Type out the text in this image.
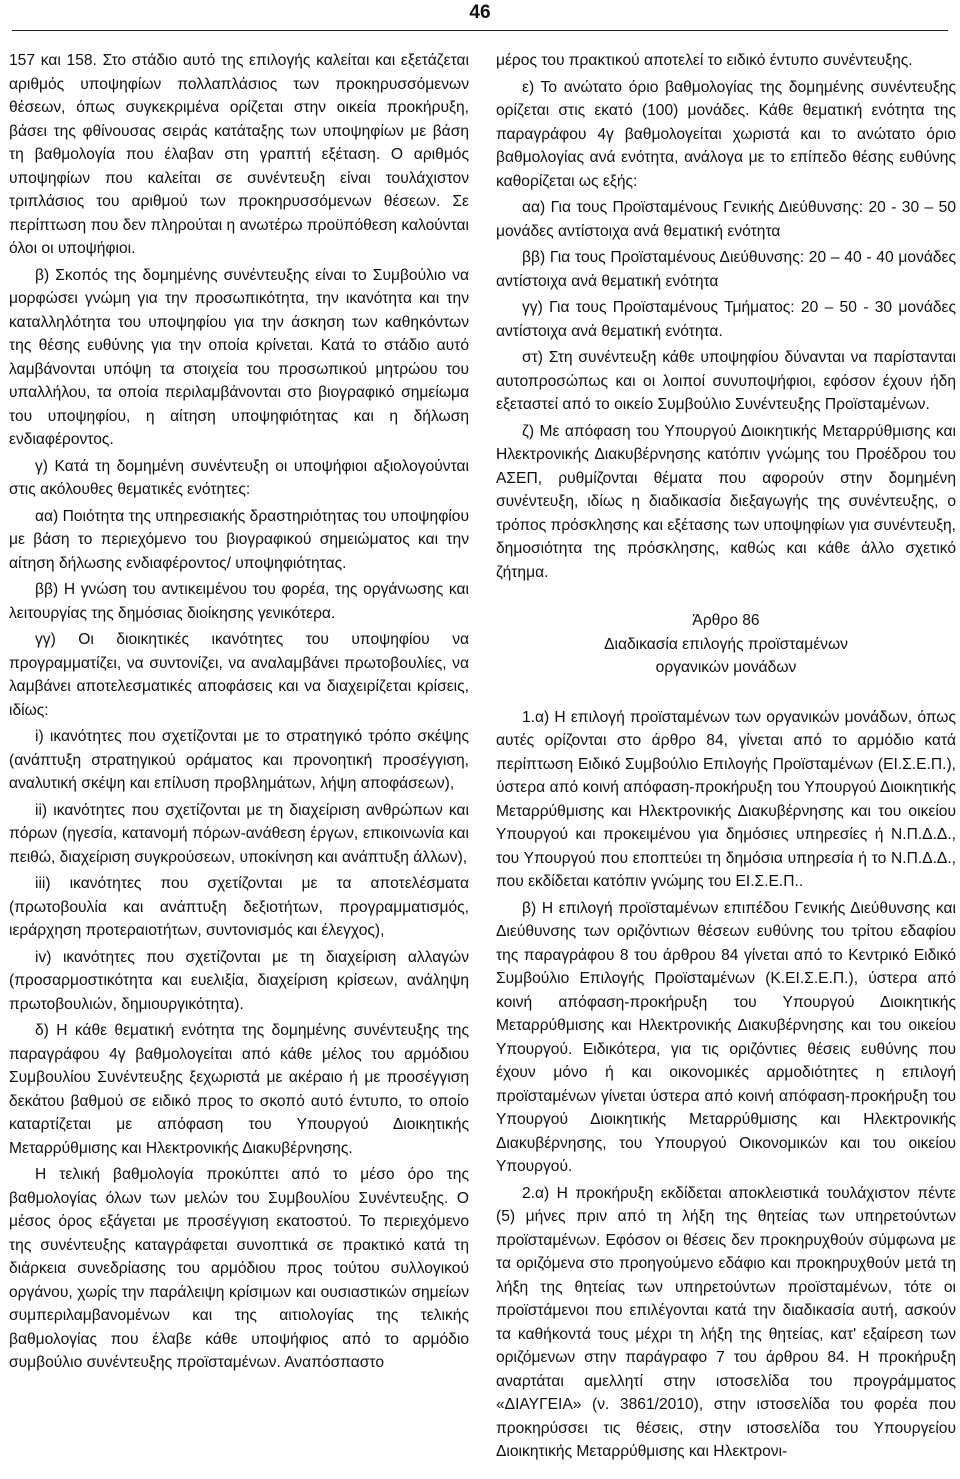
46

157 και 158. Στο στάδιο αυτό της επιλογής καλείται και εξετάζεται αριθμός υποψηφίων πολλαπλάσιος των προκηρυσσόμενων θέσεων, όπως συγκεκριμένα ορίζεται στην οικεία προκήρυξη, βάσει της φθίνουσας σειράς κατάταξης των υποψηφίων με βάση τη βαθμολογία που έλαβαν στη γραπτή εξέταση. Ο αριθμός υποψηφίων που καλείται σε συνέντευξη είναι τουλάχιστον τριπλάσιος του αριθμού των προκηρυσσόμενων θέσεων. Σε περίπτωση που δεν πληρούται η ανωτέρω προϋπόθεση καλούνται όλοι οι υποψήφιοι.

β) Σκοπός της δομημένης συνέντευξης είναι το Συμβούλιο να μορφώσει γνώμη για την προσωπικότητα, την ικανότητα και την καταλληλότητα του υποψηφίου για την άσκηση των καθηκόντων της θέσης ευθύνης για την οποία κρίνεται. Κατά το στάδιο αυτό λαμβάνονται υπόψη τα στοιχεία του προσωπικού μητρώου του υπαλλήλου, τα οποία περιλαμβάνονται στο βιογραφικό σημείωμα του υποψηφίου, η αίτηση υποψηφιότητας και η δήλωση ενδιαφέροντος.

γ) Κατά τη δομημένη συνέντευξη οι υποψήφιοι αξιολογούνται στις ακόλουθες θεματικές ενότητες:

αα) Ποιότητα της υπηρεσιακής δραστηριότητας του υποψηφίου με βάση το περιεχόμενο του βιογραφικού σημειώματος και την αίτηση δήλωσης ενδιαφέροντος/ υποψηφιότητας.

ββ) Η γνώση του αντικειμένου του φορέα, της οργάνωσης και λειτουργίας της δημόσιας διοίκησης γενικότερα.

γγ) Οι διοικητικές ικανότητες του υποψηφίου να προγραμματίζει, να συντονίζει, να αναλαμβάνει πρωτοβουλίες, να λαμβάνει αποτελεσματικές αποφάσεις και να διαχειρίζεται κρίσεις, ιδίως:

i) ικανότητες που σχετίζονται με το στρατηγικό τρόπο σκέψης (ανάπτυξη στρατηγικού οράματος και προνοητική προσέγγιση, αναλυτική σκέψη και επίλυση προβλημάτων, λήψη αποφάσεων),

ii) ικανότητες που σχετίζονται με τη διαχείριση ανθρώπων και πόρων (ηγεσία, κατανομή πόρων-ανάθεση έργων, επικοινωνία και πειθώ, διαχείριση συγκρούσεων, υποκίνηση και ανάπτυξη άλλων),

iii) ικανότητες που σχετίζονται με τα αποτελέσματα (πρωτοβουλία και ανάπτυξη δεξιοτήτων, προγραμματισμός, ιεράρχηση προτεραιοτήτων, συντονισμός και έλεγχος),

iv) ικανότητες που σχετίζονται με τη διαχείριση αλλαγών (προσαρμοστικότητα και ευελιξία, διαχείριση κρίσεων, ανάληψη πρωτοβουλιών, δημιουργικότητα).

δ) Η κάθε θεματική ενότητα της δομημένης συνέντευξης της παραγράφου 4γ βαθμολογείται από κάθε μέλος του αρμόδιου Συμβουλίου Συνέντευξης ξεχωριστά με ακέραιο ή με προσέγγιση δεκάτου βαθμού σε ειδικό προς το σκοπό αυτό έντυπο, το οποίο καταρτίζεται με απόφαση του Υπουργού Διοικητικής Μεταρρύθμισης και Ηλεκτρονικής Διακυβέρνησης.

Η τελική βαθμολογία προκύπτει από το μέσο όρο της βαθμολογίας όλων των μελών του Συμβουλίου Συνέντευξης. Ο μέσος όρος εξάγεται με προσέγγιση εκατοστού. Το περιεχόμενο της συνέντευξης καταγράφεται συνοπτικά σε πρακτικό κατά τη διάρκεια συνεδρίασης του αρμόδιου προς τούτου συλλογικού οργάνου, χωρίς την παράλειψη κρίσιμων και ουσιαστικών σημείων συμπεριλαμβανομένων και της αιτιολογίας της τελικής βαθμολογίας που έλαβε κάθε υποψήφιος από το αρμόδιο συμβούλιο συνέντευξης προϊσταμένων. Αναπόσπαστο

μέρος του πρακτικού αποτελεί το ειδικό έντυπο συνέντευξης.

ε) Το ανώτατο όριο βαθμολογίας της δομημένης συνέντευξης ορίζεται στις εκατό (100) μονάδες. Κάθε θεματική ενότητα της παραγράφου 4γ βαθμολογείται χωριστά και το ανώτατο όριο βαθμολογίας ανά ενότητα, ανάλογα με το επίπεδο θέσης ευθύνης καθορίζεται ως εξής:

αα) Για τους Προϊσταμένους Γενικής Διεύθυνσης: 20 - 30 – 50 μονάδες αντίστοιχα ανά θεματική ενότητα

ββ) Για τους Προϊσταμένους Διεύθυνσης: 20 – 40 - 40 μονάδες αντίστοιχα ανά θεματική ενότητα

γγ) Για τους Προϊσταμένους Τμήματος: 20 – 50 - 30 μονάδες αντίστοιχα ανά θεματική ενότητα.

στ) Στη συνέντευξη κάθε υποψηφίου δύνανται να παρίστανται αυτοπροσώπως και οι λοιποί συνυποψήφιοι, εφόσον έχουν ήδη εξεταστεί από το οικείο Συμβούλιο Συνέντευξης Προϊσταμένων.

ζ) Με απόφαση του Υπουργού Διοικητικής Μεταρρύθμισης και Ηλεκτρονικής Διακυβέρνησης κατόπιν γνώμης του Προέδρου του ΑΣΕΠ, ρυθμίζονται θέματα που αφορούν στην δομημένη συνέντευξη, ιδίως η διαδικασία διεξαγωγής της συνέντευξης, ο τρόπος πρόσκλησης και εξέτασης των υποψηφίων για συνέντευξη, δημοσιότητα της πρόσκλησης, καθώς και κάθε άλλο σχετικό ζήτημα.

Άρθρο 86

Διαδικασία επιλογής προϊσταμένων

οργανικών μονάδων

1.α) Η επιλογή προϊσταμένων των οργανικών μονάδων, όπως αυτές ορίζονται στο άρθρο 84, γίνεται από το αρμόδιο κατά περίπτωση Ειδικό Συμβούλιο Επιλογής Προϊσταμένων (ΕΙ.Σ.Ε.Π.), ύστερα από κοινή απόφαση-προκήρυξη του Υπουργού Διοικητικής Μεταρρύθμισης και Ηλεκτρονικής Διακυβέρνησης και του οικείου Υπουργού και προκειμένου για δημόσιες υπηρεσίες ή Ν.Π.Δ.Δ., του Υπουργού που εποπτεύει τη δημόσια υπηρεσία ή το Ν.Π.Δ.Δ., που εκδίδεται κατόπιν γνώμης του ΕΙ.Σ.Ε.Π..

β) Η επιλογή προϊσταμένων επιπέδου Γενικής Διεύθυνσης και Διεύθυνσης των οριζόντιων θέσεων ευθύνης του τρίτου εδαφίου της παραγράφου 8 του άρθρου 84 γίνεται από το Κεντρικό Ειδικό Συμβούλιο Επιλογής Προϊσταμένων (Κ.ΕΙ.Σ.Ε.Π.), ύστερα από κοινή απόφαση-προκήρυξη του Υπουργού Διοικητικής Μεταρρύθμισης και Ηλεκτρονικής Διακυβέρνησης και του οικείου Υπουργού. Ειδικότερα, για τις οριζόντιες θέσεις ευθύνης που έχουν μόνο ή και οικονομικές αρμοδιότητες η επιλογή προϊσταμένων γίνεται ύστερα από κοινή απόφαση-προκήρυξη του Υπουργού Διοικητικής Μεταρρύθμισης και Ηλεκτρονικής Διακυβέρνησης, του Υπουργού Οικονομικών και του οικείου Υπουργού.

2.α) Η προκήρυξη εκδίδεται αποκλειστικά τουλάχιστον πέντε (5) μήνες πριν από τη λήξη της θητείας των υπηρετούντων προϊσταμένων. Εφόσον οι θέσεις δεν προκηρυχθούν σύμφωνα με τα οριζόμενα στο προηγούμενο εδάφιο και προκηρυχθούν μετά τη λήξη της θητείας των υπηρετούντων προϊσταμένων, τότε οι προϊστάμενοι που επιλέγονται κατά την διαδικασία αυτή, ασκούν τα καθήκοντά τους μέχρι τη λήξη της θητείας, κατ' εξαίρεση των οριζόμενων στην παράγραφο 7 του άρθρου 84. Η προκήρυξη αναρτάται αμελλητί στην ιστοσελίδα του προγράμματος «ΔΙΑΥΓΕΙΑ» (ν. 3861/2010), στην ιστοσελίδα του φορέα που προκηρύσσει τις θέσεις, στην ιστοσελίδα του Υπουργείου Διοικητικής Μεταρρύθμισης και Ηλεκτρονι-
